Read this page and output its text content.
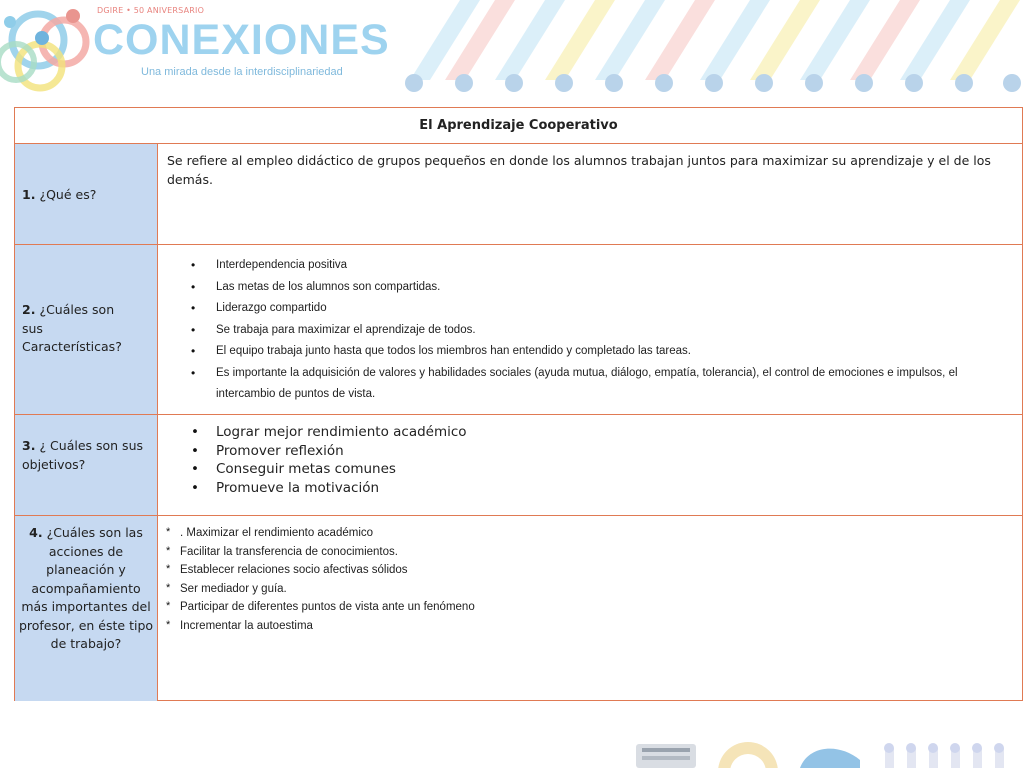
DGIRE • 50 ANIVERSARIO
CONEXIONES
Una mirada desde la interdisciplinariedad
El Aprendizaje Cooperativo
1. ¿Qué es?
Se refiere al empleo didáctico de grupos pequeños en donde los alumnos trabajan juntos para maximizar su aprendizaje y el de los demás.
2. ¿Cuáles son sus Características?
• Interdependencia positiva
• Las metas de los alumnos son compartidas.
• Liderazgo compartido
• Se trabaja para maximizar el aprendizaje de todos.
• El equipo trabaja junto hasta que todos los miembros han entendido y completado las tareas.
• Es importante la adquisición de valores y habilidades sociales (ayuda mutua, diálogo, empatía, tolerancia), el control de emociones e impulsos, el intercambio de puntos de vista.
3. ¿ Cuáles son sus objetivos?
• Lograr mejor rendimiento académico
• Promover reflexión
• Conseguir metas comunes
• Promueve la motivación
4. ¿Cuáles son las acciones de planeación y acompañamiento más importantes del profesor, en éste tipo de trabajo?
* . Maximizar el rendimiento académico
* Facilitar la transferencia de conocimientos.
* Establecer relaciones socio afectivas sólidos
* Ser mediador y guía.
* Participar de diferentes puntos de vista ante un fenómeno
* Incrementar la autoestima
